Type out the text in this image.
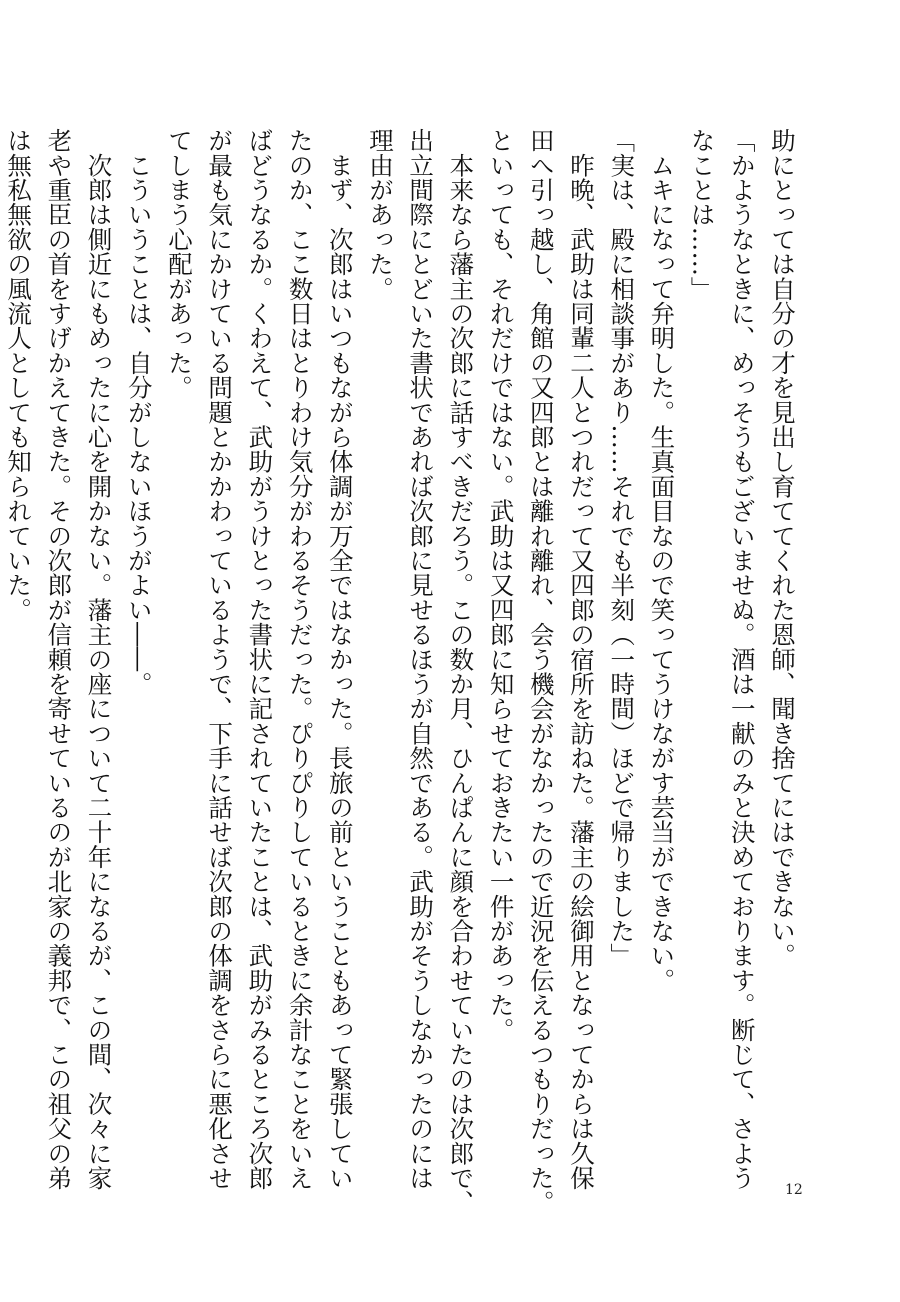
助にとっては自分の才を見出し育ててくれた恩師、聞き捨てにはできない。
「かようなときに、めっそうもございませぬ。酒は一献のみと決めております。断じて、さよう
なことは……」
　ムキになって弁明した。生真面目なので笑ってうけながす芸当ができない。
「実は、殿に相談事があり……それでも半刻（一時間）ほどで帰りました」
　昨晩、武助は同輩二人とつれだって又四郎の宿所を訪ねた。藩主の絵御用となってからは久保
田へ引っ越し、角館の又四郎とは離れ離れ、会う機会がなかったので近況を伝えるつもりだった。
といっても、それだけではない。武助は又四郎に知らせておきたい一件があった。
　本来なら藩主の次郎に話すべきだろう。この数か月、ひんぱんに顔を合わせていたのは次郎で、
出立間際にとどいた書状であれば次郎に見せるほうが自然である。武助がそうしなかったのには
理由があった。
　まず、次郎はいつもながら体調が万全ではなかった。長旅の前ということもあって緊張してい
たのか、ここ数日はとりわけ気分がわるそうだった。ぴりぴりしているときに余計なことをいえ
ばどうなるか。くわえて、武助がうけとった書状に記されていたことは、武助がみるところ次郎
が最も気にかけている問題とかかわっているようで、下手に話せば次郎の体調をさらに悪化させ
てしまう心配があった。
　こういうことは、自分がしないほうがよい――。
　次郎は側近にもめったに心を開かない。藩主の座について二十年になるが、この間、次々に家
老や重臣の首をすげかえてきた。その次郎が信頼を寄せているのが北家の義邦で、この祖父の弟
は無私無欲の風流人としても知られていた。
12
